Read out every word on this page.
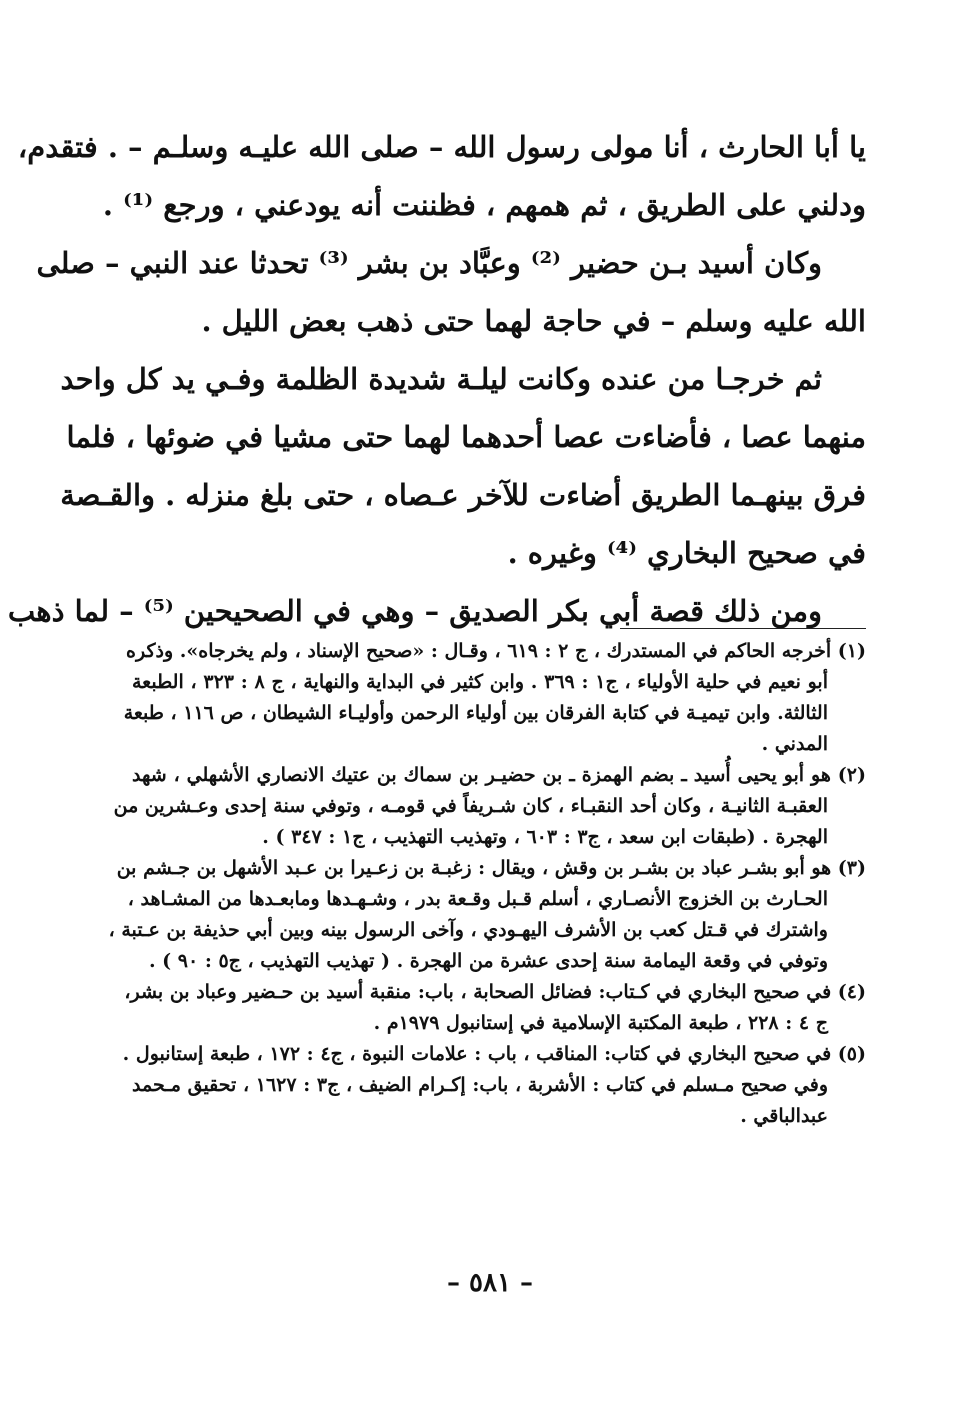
يا أبا الحارث ، أنا مولى رسول الله – صلى الله عليـه وسلـم – . فتقدم،
ودلني على الطريق ، ثم همهم ، فظننت أنه يودعني ، ورجع ⁽¹⁾ .
وكان أسيد بـن حضير ⁽²⁾ وعبَّاد بن بشر ⁽³⁾ تحدثا عند النبي – صلى
الله عليه وسلم – في حاجة لهما حتى ذهب بعض الليل .
ثم خرجـا من عنده وكانت ليلـة شديدة الظلمة وفـي يد كل واحد
منهما عصا ، فأضاءت عصا أحدهما لهما حتى مشيا في ضوئها ، فلما
فرق بينهـما الطريق أضاءت للآخر عـصاه ، حتى بلغ منزله . والقـصة
في صحيح البخاري ⁽⁴⁾ وغيره .
ومن ذلك قصة أبي بكر الصديق – وهي في الصحيحين ⁽⁵⁾ – لما ذهب
(١) أخرجه الحاكم في المستدرك ، ج ٢ : ٦١٩ ، وقـال : «صحيح الإسناد ، ولم يخرجاه». وذكره
أبو نعيم في حلية الأولياء ، ج١ : ٣٦٩ . وابن كثير في البداية والنهاية ، ج ٨ : ٣٢٣ ، الطبعة
الثالثة. وابن تيميـة في كتابة الفرقان بين أولياء الرحمن وأوليـاء الشيطان ، ص ١١٦ ، طبعة
المدني .
(٢) هو أبو يحيى أُسيد ـ بضم الهمزة ـ بن حضيـر بن سماك بن عتيك الانصاري الأشهلي ، شهد
العقبـة الثانيـة ، وكان أحد النقبـاء ، كان شـريفاً في قومـه ، وتوفي سنة إحدى وعـشرين من
الهجرة . (طبقات ابن سعد ، ج٣ : ٦٠٣ ، وتهذيب التهذيب ، ج١ : ٣٤٧ ) .
(٣) هو أبو بشـر عباد بن بشـر بن وقش ، ويقال : زغبـة بن زعـيرا بن عـبد الأشهل بن جـشم بن
الحـارث بن الخزوج الأنصـاري ، أسلم قـبل وقـعة بدر ، وشـهـدها ومابعـدها من المشـاهد ،
واشترك في قـتل كعب بن الأشرف اليهـودي ، وآخى الرسول بينه وبين أبي حذيفة بن عـتبة ،
وتوفي في وقعة اليمامة سنة إحدى عشرة من الهجرة . ( تهذيب التهذيب ، ج٥ : ٩٠ ) .
(٤) في صحيح البخاري في كـتاب: فضائل الصحابة ، باب: منقبة أسيد بن حـضير وعباد بن بشر،
ج ٤ : ٢٢٨ ، طبعة المكتبة الإسلامية في إستانبول ١٩٧٩م .
(٥) في صحيح البخاري في كتاب: المناقب ، باب : علامات النبوة ، ج٤ : ١٧٢ ، طبعة إستانبول .
وفي صحيح مـسلم في كتاب : الأشربة ، باب: إكـرام الضيف ، ج٣ : ١٦٢٧ ، تحقيق مـحمد
عبدالباقي .
– ٥٨١ –
